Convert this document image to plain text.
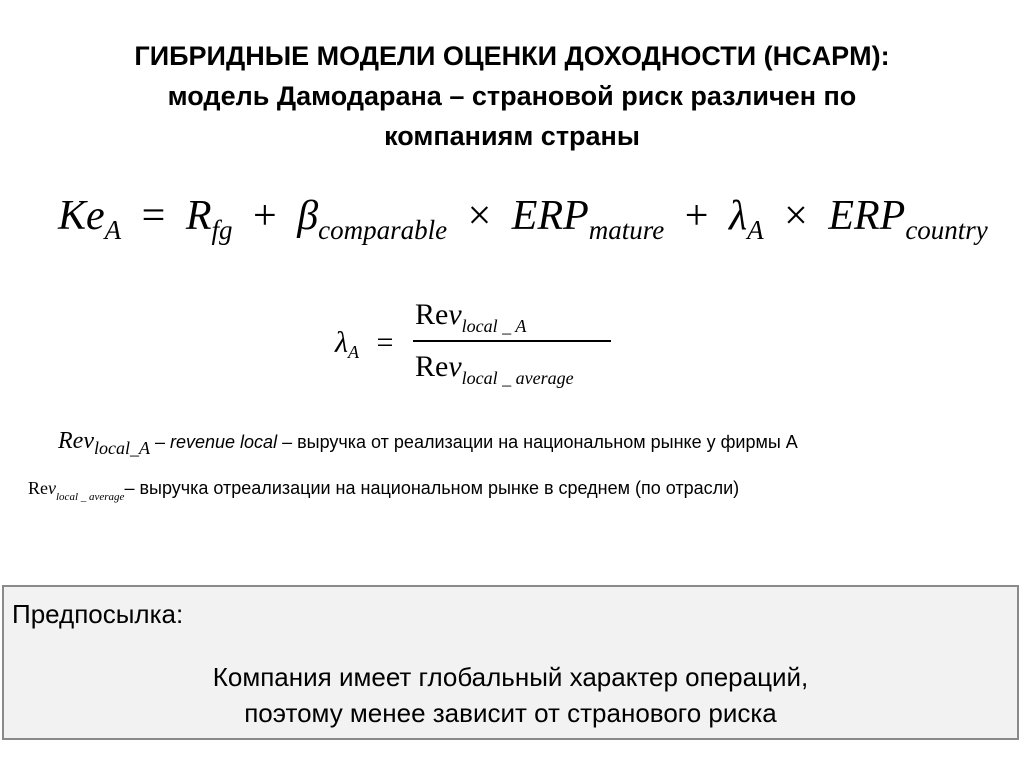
ГИБРИДНЫЕ МОДЕЛИ ОЦЕНКИ ДОХОДНОСТИ (HCAPM):
модель Дамодарана – страновой риск различен по
компаниям страны
$Ke_A = R_{fg} + \beta_{comparable} \times ERP_{mature} + \lambda_A \times ERP_{country}$
$\lambda_A$ =
Rev$_{local \_ A}$
Rev$_{local \_ average}$
Rev$_{local\_A}$ – revenue local – выручка от реализации на национальном рынке у фирмы А
Rev$_{local \_ average}$– выручка отреализации на национальном рынке в среднем (по отрасли)
Предпосылка:
Компания имеет глобальный характер операций,
поэтому менее зависит от странового риска
